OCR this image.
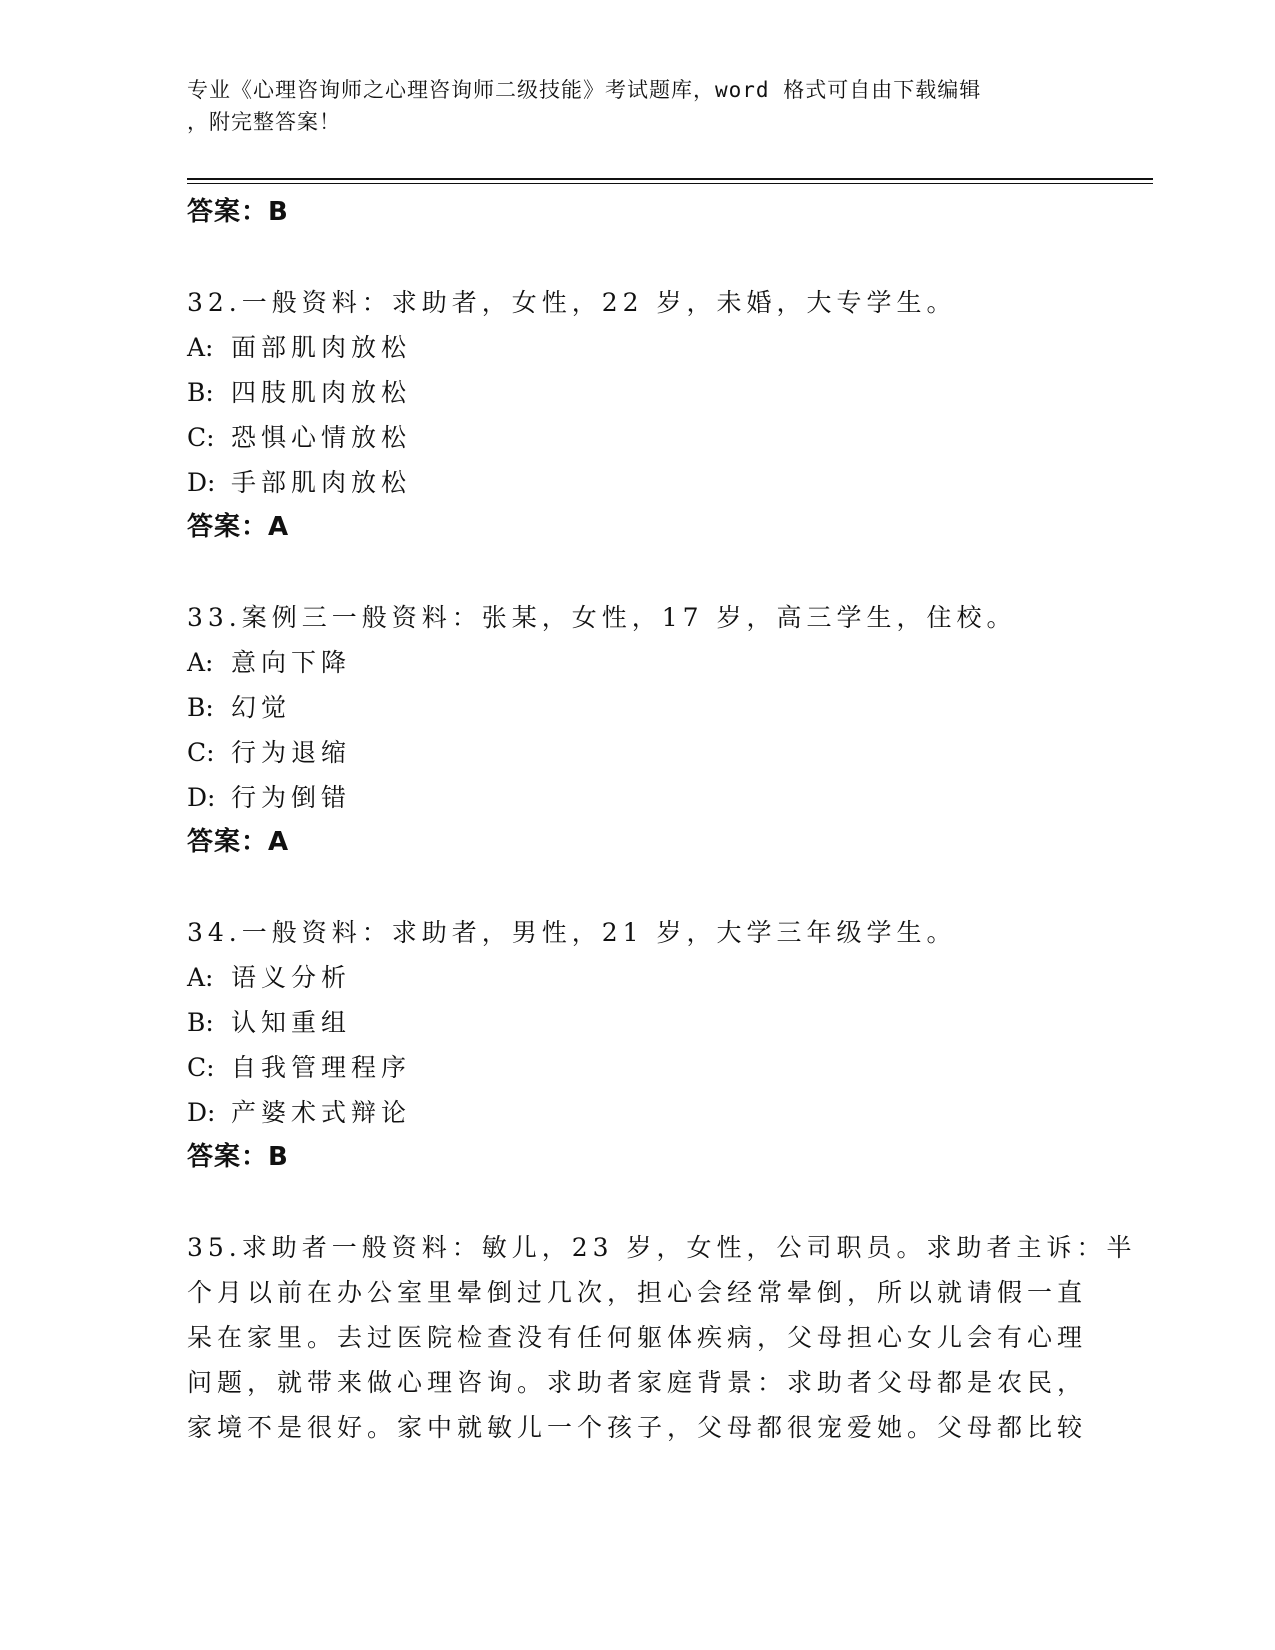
专业《心理咨询师之心理咨询师二级技能》考试题库，word 格式可自由下载编辑
，附完整答案！
答案：B
32.一般资料：求助者，女性，22 岁，未婚，大专学生。
A: 面部肌肉放松
B: 四肢肌肉放松
C: 恐惧心情放松
D: 手部肌肉放松
答案：A
33.案例三一般资料：张某，女性，17 岁，高三学生，住校。
A: 意向下降
B: 幻觉
C: 行为退缩
D: 行为倒错
答案：A
34.一般资料：求助者，男性，21 岁，大学三年级学生。
A: 语义分析
B: 认知重组
C: 自我管理程序
D: 产婆术式辩论
答案：B
35.求助者一般资料：敏儿，23 岁，女性，公司职员。求助者主诉：半
个月以前在办公室里晕倒过几次，担心会经常晕倒，所以就请假一直
呆在家里。去过医院检查没有任何躯体疾病，父母担心女儿会有心理
问题，就带来做心理咨询。求助者家庭背景：求助者父母都是农民，
家境不是很好。家中就敏儿一个孩子，父母都很宠爱她。父母都比较
